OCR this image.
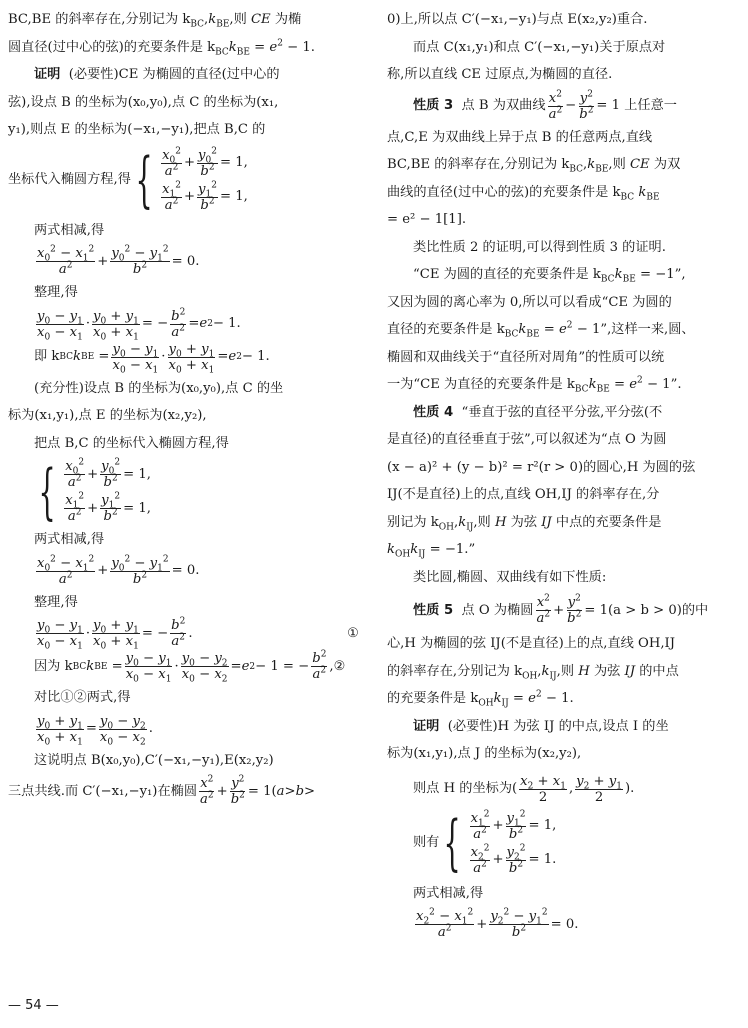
BC,BE 的斜率存在,分别记为 $k_{BC},k_{BE}$,则 CE 为椭
圆直径(过中心的弦)的充要条件是 $k_{BC}k_{BE} = e^2 - 1$.
证明 (必要性)CE 为椭圆的直径(过中心的
弦),设点 B 的坐标为(x₀,y₀),点 C 的坐标为(x₁,
y₁),则点 E 的坐标为(−x₁,−y₁),把点 B,C 的
坐标代入椭圆方程,得 { $x_0^2$
$a^2 + y_0^2$
$b^2 = 1$,
$x_1^2$
$a^2 + y_1^2$
$b^2 = 1$,
两式相减,得
$x_0^2 - x_1^2$
$a^2 + y_0^2 - y_1^2$
$b^2 = 0$.
整理,得
$y_0 - y_1$
$x_0 - x_1$
· $y_0 + y_1$
$x_0 + x_1$
= − $b^2$
$a^2 = e$ 2 − 1.
即 k BC k BE = $y_0 - y_1$
$x_0 - x_1$
· $y_0 + y_1$
$x_0 + x_1$
= e 2 − 1.
(充分性)设点 B 的坐标为(x₀,y₀),点 C 的坐
标为(x₁,y₁),点 E 的坐标为(x₂,y₂),
把点 B,C 的坐标代入椭圆方程,得
{ $x_0^2$
$a^2 + y_0^2$
$b^2 = 1$,
$x_1^2$
$a^2 + y_1^2$
$b^2 = 1$,
两式相减,得
$x_0^2 - x_1^2$
$a^2 + y_0^2 - y_1^2$
$b^2 = 0$.
整理,得
$y_0 - y_1$
$x_0 - x_1$
· $y_0 + y_1$
$x_0 + x_1$
= − $b^2$
$a^2$ .	①
因为 k BC k BE = $y_0 - y_1$
$x_0 - x_1$
· $y_0 - y_2$
$x_0 - x_2$
= e 2 − 1 = − $b^2$
$a^2$ , ②
对比①②两式,得
$y_0 + y_1$
$x_0 + x_1$
= $y_0 - y_2$
$x_0 - x_2$
.
这说明点 B(x₀,y₀),C′(−x₁,−y₁),E(x₂,y₂)
三点共线.而 C′(−x₁,−y₁)在椭圆 $x^2$
$a^2 + y^2$
$b^2 = 1$( a > b >
0)上,所以点 C′(−x₁,−y₁)与点 E(x₂,y₂)重合.
而点 C(x₁,y₁)和点 C′(−x₁,−y₁)关于原点对
称,所以直线 CE 过原点,为椭圆的直径.
性质 3
点 B 为双曲线 $x^2$
$a^2 - y^2$
$b^2 = 1$ 上任意一
点,C,E 为双曲线上异于点 B 的任意两点,直线
BC,BE 的斜率存在,分别记为 $k_{BC},k_{BE}$,则 CE 为双
曲线的直径(过中心的弦)的充要条件是 $k_{BC}$ $k_{BE}$
= e² − 1[1].
类比性质 2 的证明,可以得到性质 3 的证明.
“CE 为圆的直径的充要条件是 $k_{BC}k_{BE} = -1$”,
又因为圆的离心率为 0,所以可以看成“CE 为圆的
直径的充要条件是 $k_{BC}k_{BE} = e^2 - 1$”,这样一来,圆、
椭圆和双曲线关于“直径所对周角”的性质可以统
一为“CE 为直径的充要条件是 $k_{BC}k_{BE} = e^2 - 1$”.
性质 4 “垂直于弦的直径平分弦,平分弦(不
是直径)的直径垂直于弦”,可以叙述为“点 O 为圆
(x − a)² + (y − b)² = r²(r > 0)的圆心,H 为圆的弦
IJ(不是直径)上的点,直线 OH,IJ 的斜率存在,分
别记为 $k_{OH},k_{IJ}$,则 H 为弦 IJ 中点的充要条件是
$k_{OH}k_{IJ} = -1$.”
类比圆,椭圆、双曲线有如下性质:
性质 5
点 O 为椭圆 $x^2$
$a^2 + y^2$
$b^2 = 1$ (a > b > 0)的中
心,H 为椭圆的弦 IJ(不是直径)上的点,直线 OH,IJ
的斜率存在,分别记为 $k_{OH},k_{IJ}$,则 H 为弦 IJ 的中点
的充要条件是 $k_{OH}k_{IJ} = e^2 - 1$.
证明 (必要性)H 为弦 IJ 的中点,设点 I 的坐
标为(x₁,y₁),点 J 的坐标为(x₂,y₂),
则点 H 的坐标为( $x_2 + x_1$
2
, $y_2 + y_1$
2
).
则有 { $x_1^2$
$a^2 + y_1^2$
$b^2 = 1$,
$x_2^2$
$a^2 + y_2^2$
$b^2 = 1$.
两式相减,得
$x_2^2 - x_1^2$
$a^2 + y_2^2 - y_1^2$
$b^2 = 0$.
— 54 —
